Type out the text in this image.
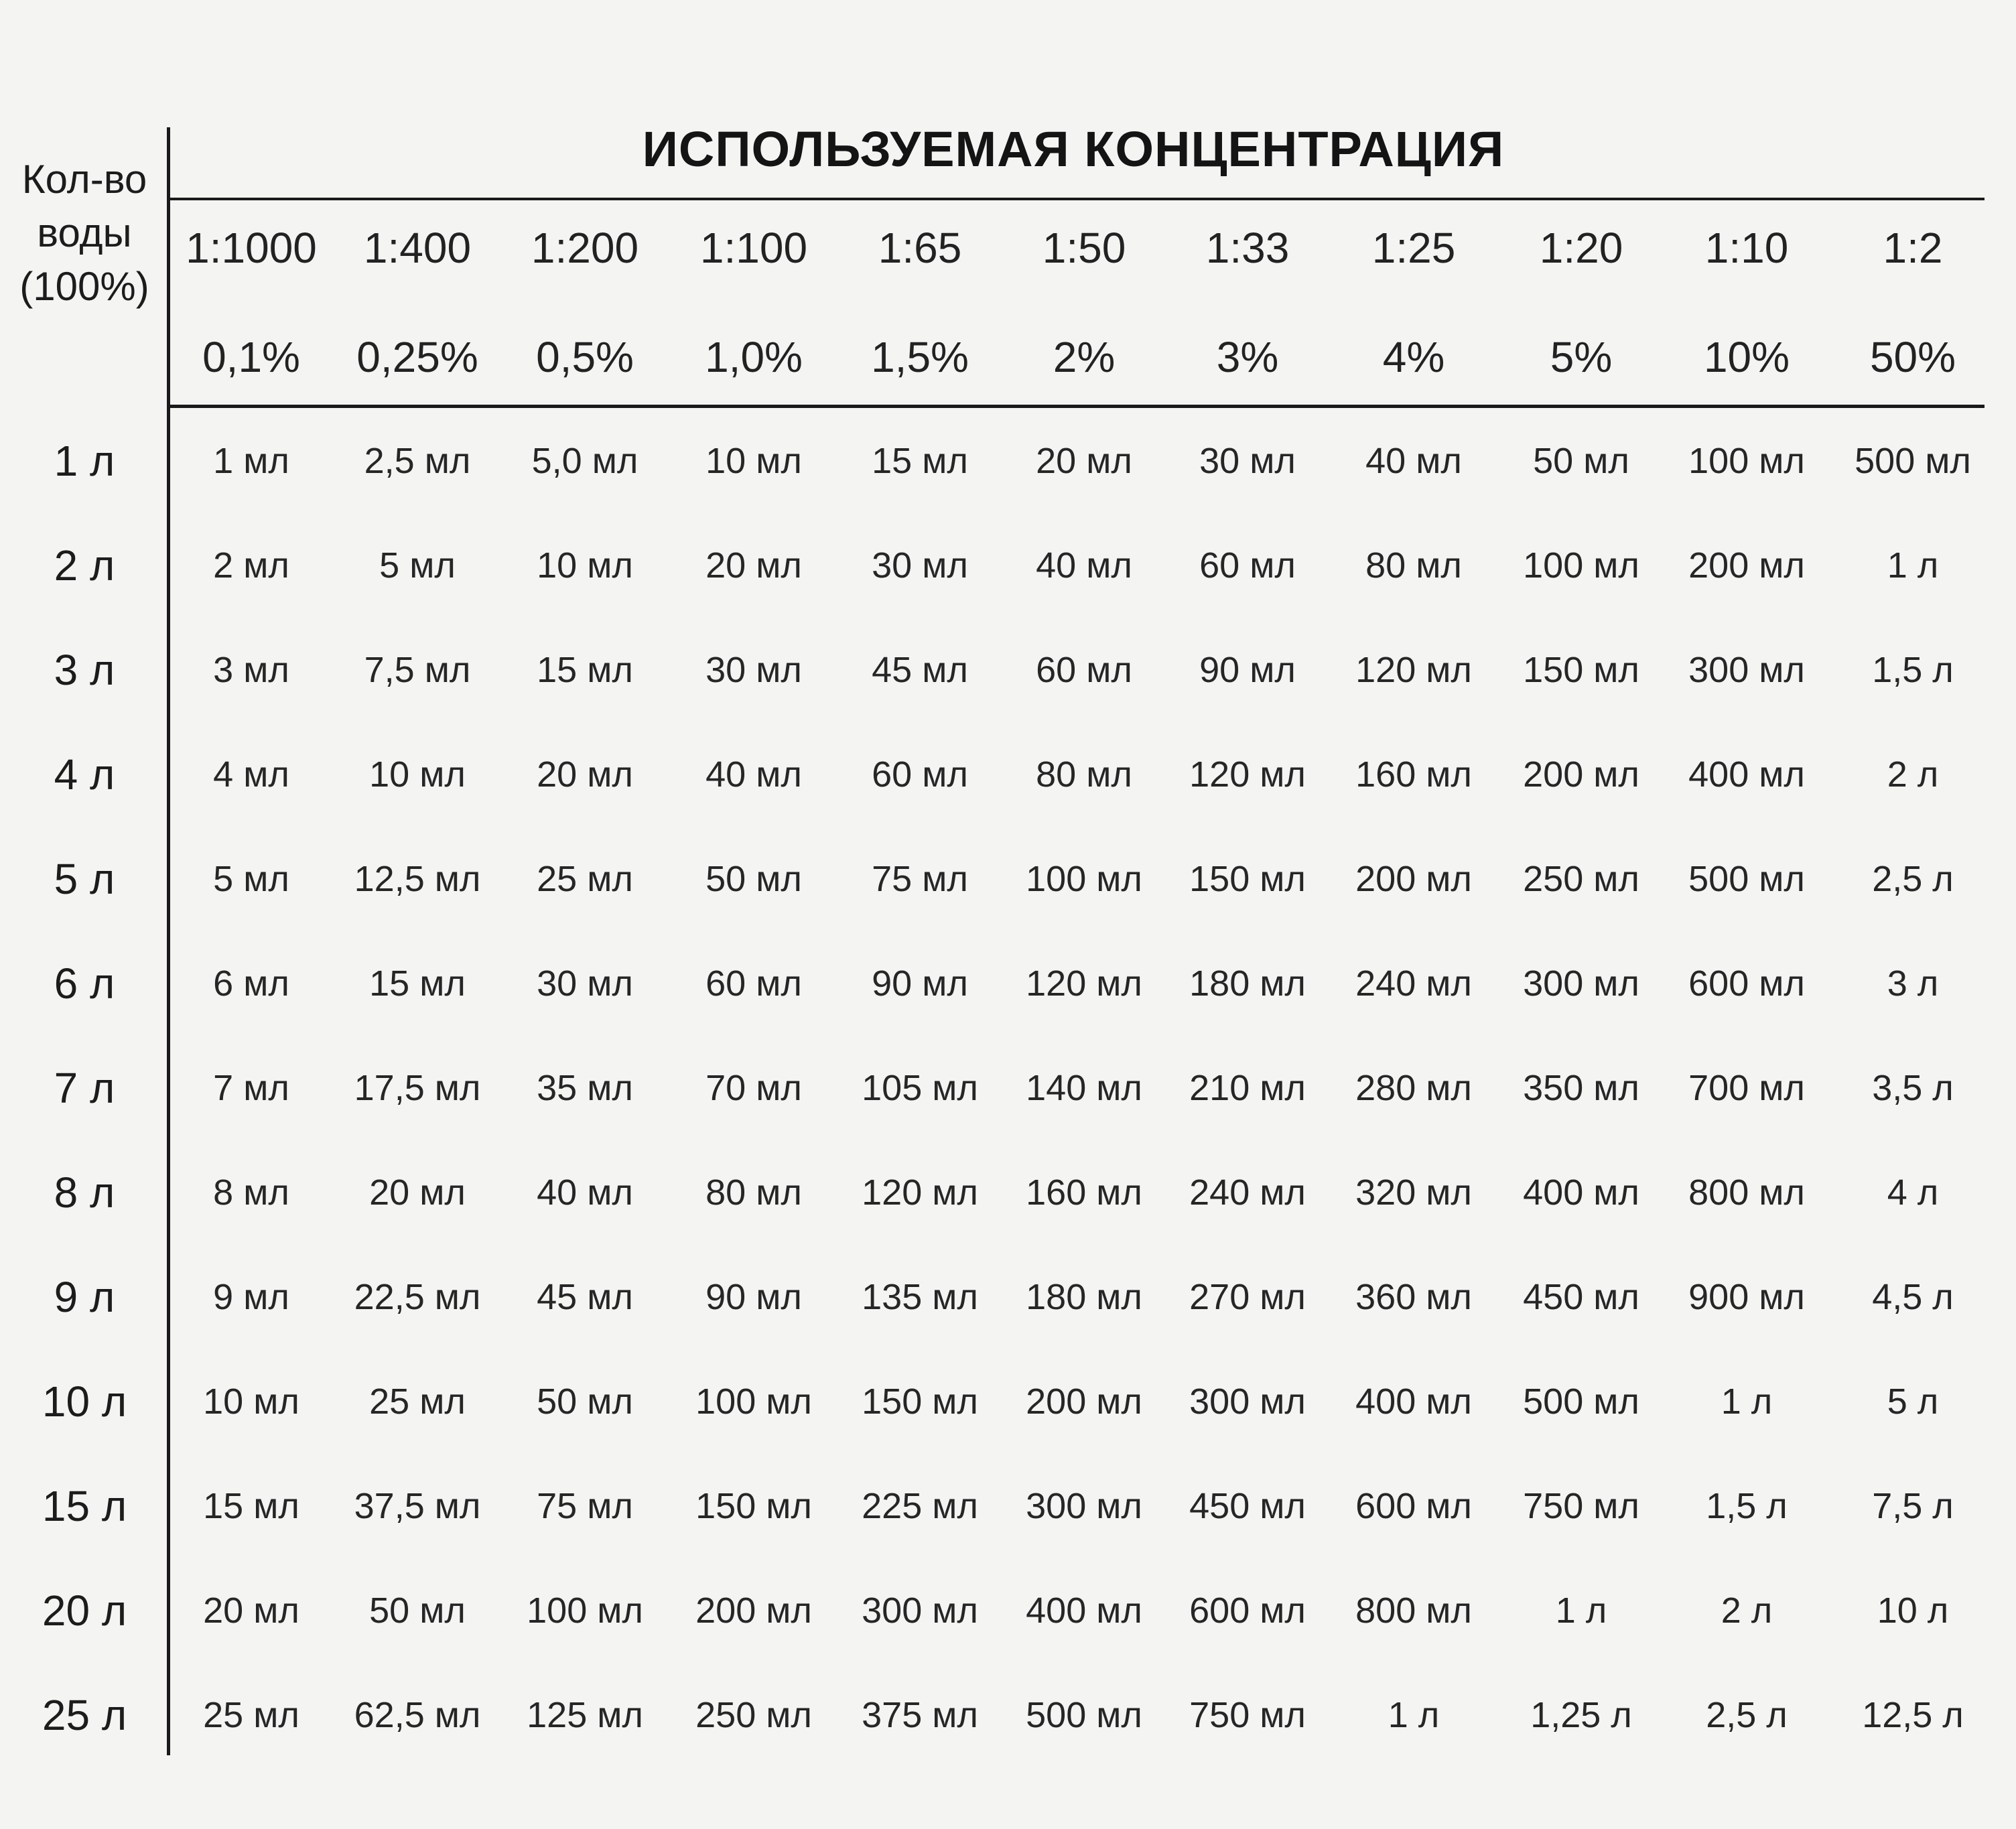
ИСПОЛЬЗУЕМАЯ КОНЦЕНТРАЦИЯ
Кол-во
воды
(100%)
1:1000	1:400	1:200	1:100	1:65	1:50	1:33	1:25	1:20	1:10	1:2
0,1%	0,25%	0,5%	1,0%	1,5%	2%	3%	4%	5%	10%	50%
1 л	1 мл	2,5 мл	5,0 мл	10 мл	15 мл	20 мл	30 мл	40 мл	50 мл	100 мл	500 мл
2 л	2 мл	5 мл	10 мл	20 мл	30 мл	40 мл	60 мл	80 мл	100 мл	200 мл	1 л
3 л	3 мл	7,5 мл	15 мл	30 мл	45 мл	60 мл	90 мл	120 мл	150 мл	300 мл	1,5 л
4 л	4 мл	10 мл	20 мл	40 мл	60 мл	80 мл	120 мл	160 мл	200 мл	400 мл	2 л
5 л	5 мл	12,5 мл	25 мл	50 мл	75 мл	100 мл	150 мл	200 мл	250 мл	500 мл	2,5 л
6 л	6 мл	15 мл	30 мл	60 мл	90 мл	120 мл	180 мл	240 мл	300 мл	600 мл	3 л
7 л	7 мл	17,5 мл	35 мл	70 мл	105 мл	140 мл	210 мл	280 мл	350 мл	700 мл	3,5 л
8 л	8 мл	20 мл	40 мл	80 мл	120 мл	160 мл	240 мл	320 мл	400 мл	800 мл	4 л
9 л	9 мл	22,5 мл	45 мл	90 мл	135 мл	180 мл	270 мл	360 мл	450 мл	900 мл	4,5 л
10 л	10 мл	25 мл	50 мл	100 мл	150 мл	200 мл	300 мл	400 мл	500 мл	1 л	5 л
15 л	15 мл	37,5 мл	75 мл	150 мл	225 мл	300 мл	450 мл	600 мл	750 мл	1,5 л	7,5 л
20 л	20 мл	50 мл	100 мл	200 мл	300 мл	400 мл	600 мл	800 мл	1 л	2 л	10 л
25 л	25 мл	62,5 мл	125 мл	250 мл	375 мл	500 мл	750 мл	1 л	1,25 л	2,5 л	12,5 л
